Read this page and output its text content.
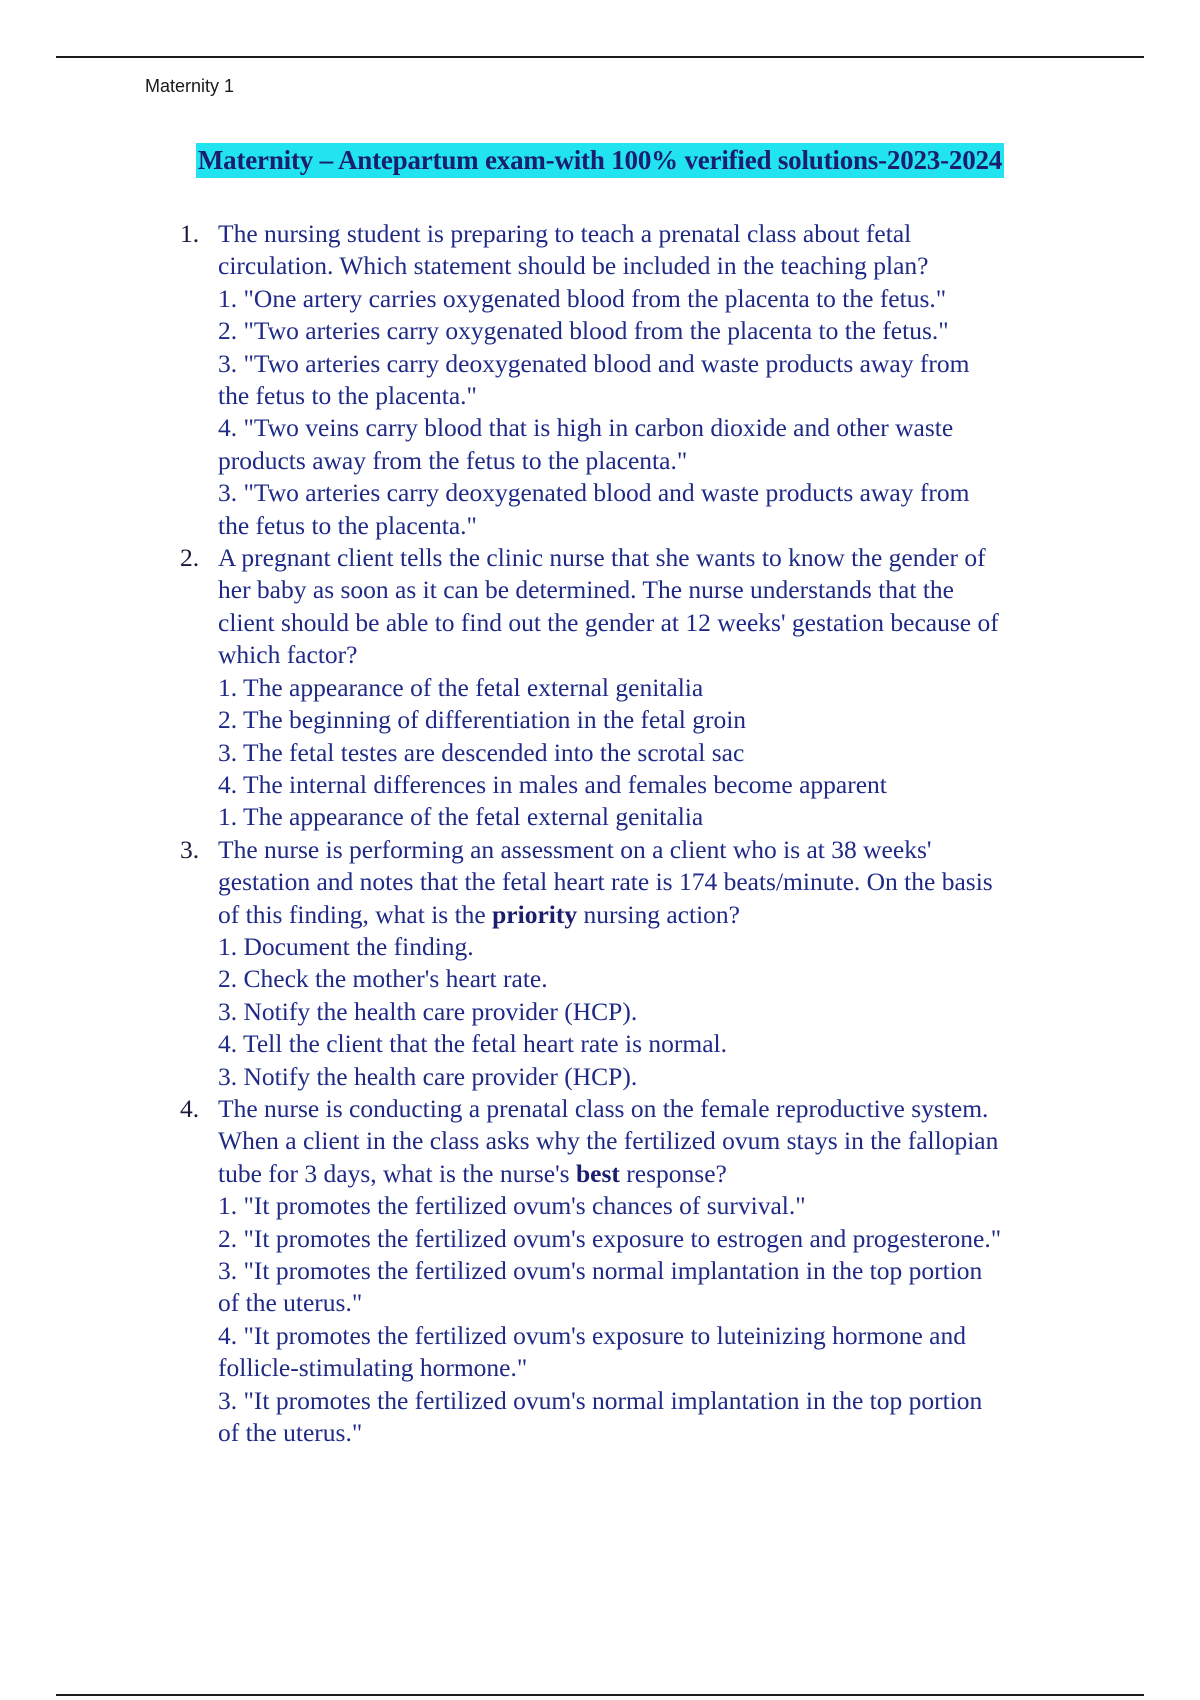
Maternity 1
Maternity – Antepartum exam-with 100% verified solutions-2023-2024
1. The nursing student is preparing to teach a prenatal class about fetal
circulation. Which statement should be included in the teaching plan?
1. "One artery carries oxygenated blood from the placenta to the fetus."
2. "Two arteries carry oxygenated blood from the placenta to the fetus."
3. "Two arteries carry deoxygenated blood and waste products away from
the fetus to the placenta."
4. "Two veins carry blood that is high in carbon dioxide and other waste
products away from the fetus to the placenta."
3. "Two arteries carry deoxygenated blood and waste products away from
the fetus to the placenta."
2. A pregnant client tells the clinic nurse that she wants to know the gender of
her baby as soon as it can be determined. The nurse understands that the
client should be able to find out the gender at 12 weeks' gestation because of
which factor?
1. The appearance of the fetal external genitalia
2. The beginning of differentiation in the fetal groin
3. The fetal testes are descended into the scrotal sac
4. The internal differences in males and females become apparent
1. The appearance of the fetal external genitalia
3. The nurse is performing an assessment on a client who is at 38 weeks'
gestation and notes that the fetal heart rate is 174 beats/minute. On the basis
of this finding, what is the priority nursing action?
1. Document the finding.
2. Check the mother's heart rate.
3. Notify the health care provider (HCP).
4. Tell the client that the fetal heart rate is normal.
3. Notify the health care provider (HCP).
4. The nurse is conducting a prenatal class on the female reproductive system.
When a client in the class asks why the fertilized ovum stays in the fallopian
tube for 3 days, what is the nurse's best response?
1. "It promotes the fertilized ovum's chances of survival."
2. "It promotes the fertilized ovum's exposure to estrogen and progesterone."
3. "It promotes the fertilized ovum's normal implantation in the top portion
of the uterus."
4. "It promotes the fertilized ovum's exposure to luteinizing hormone and
follicle-stimulating hormone."
3. "It promotes the fertilized ovum's normal implantation in the top portion
of the uterus."
